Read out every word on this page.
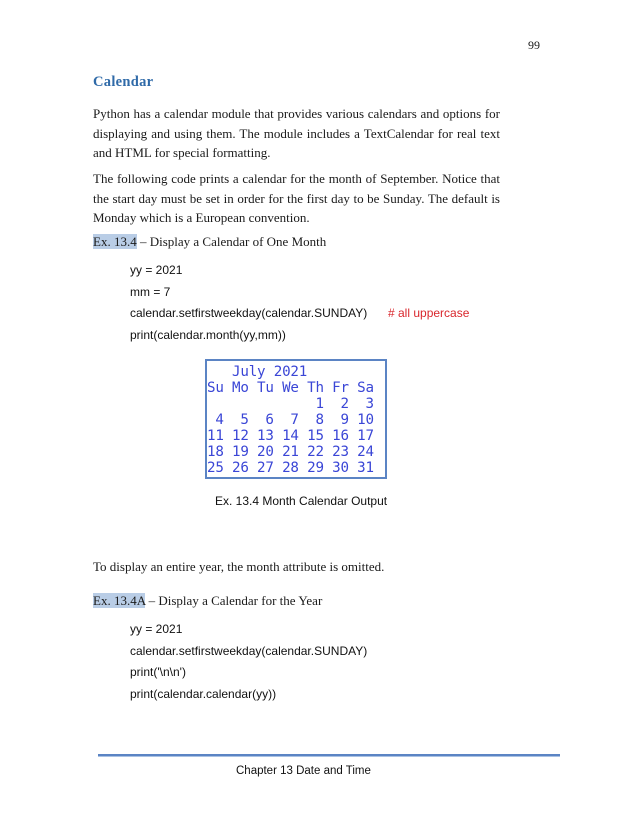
99
Calendar

Python has a calendar module that provides various calendars and options for displaying and using them. The module includes a TextCalendar for real text and HTML for special formatting.

The following code prints a calendar for the month of September. Notice that the start day must be set in order for the first day to be Sunday. The default is Monday which is a European convention.

Ex. 13.4 – Display a Calendar of One Month
yy = 2021
mm = 7
calendar.setfirstweekday(calendar.SUNDAY) # all uppercase
print(calendar.month(yy,mm))
July 2021
Su Mo Tu We Th Fr Sa
1  2  3
4  5  6  7  8  9 10
11 12 13 14 15 16 17
18 19 20 21 22 23 24
25 26 27 28 29 30 31
Ex. 13.4 Month Calendar Output

To display an entire year, the month attribute is omitted.

Ex. 13.4A – Display a Calendar for the Year
yy = 2021
calendar.setfirstweekday(calendar.SUNDAY)
print('\n\n')
print(calendar.calendar(yy))
Chapter 13 Date and Time
